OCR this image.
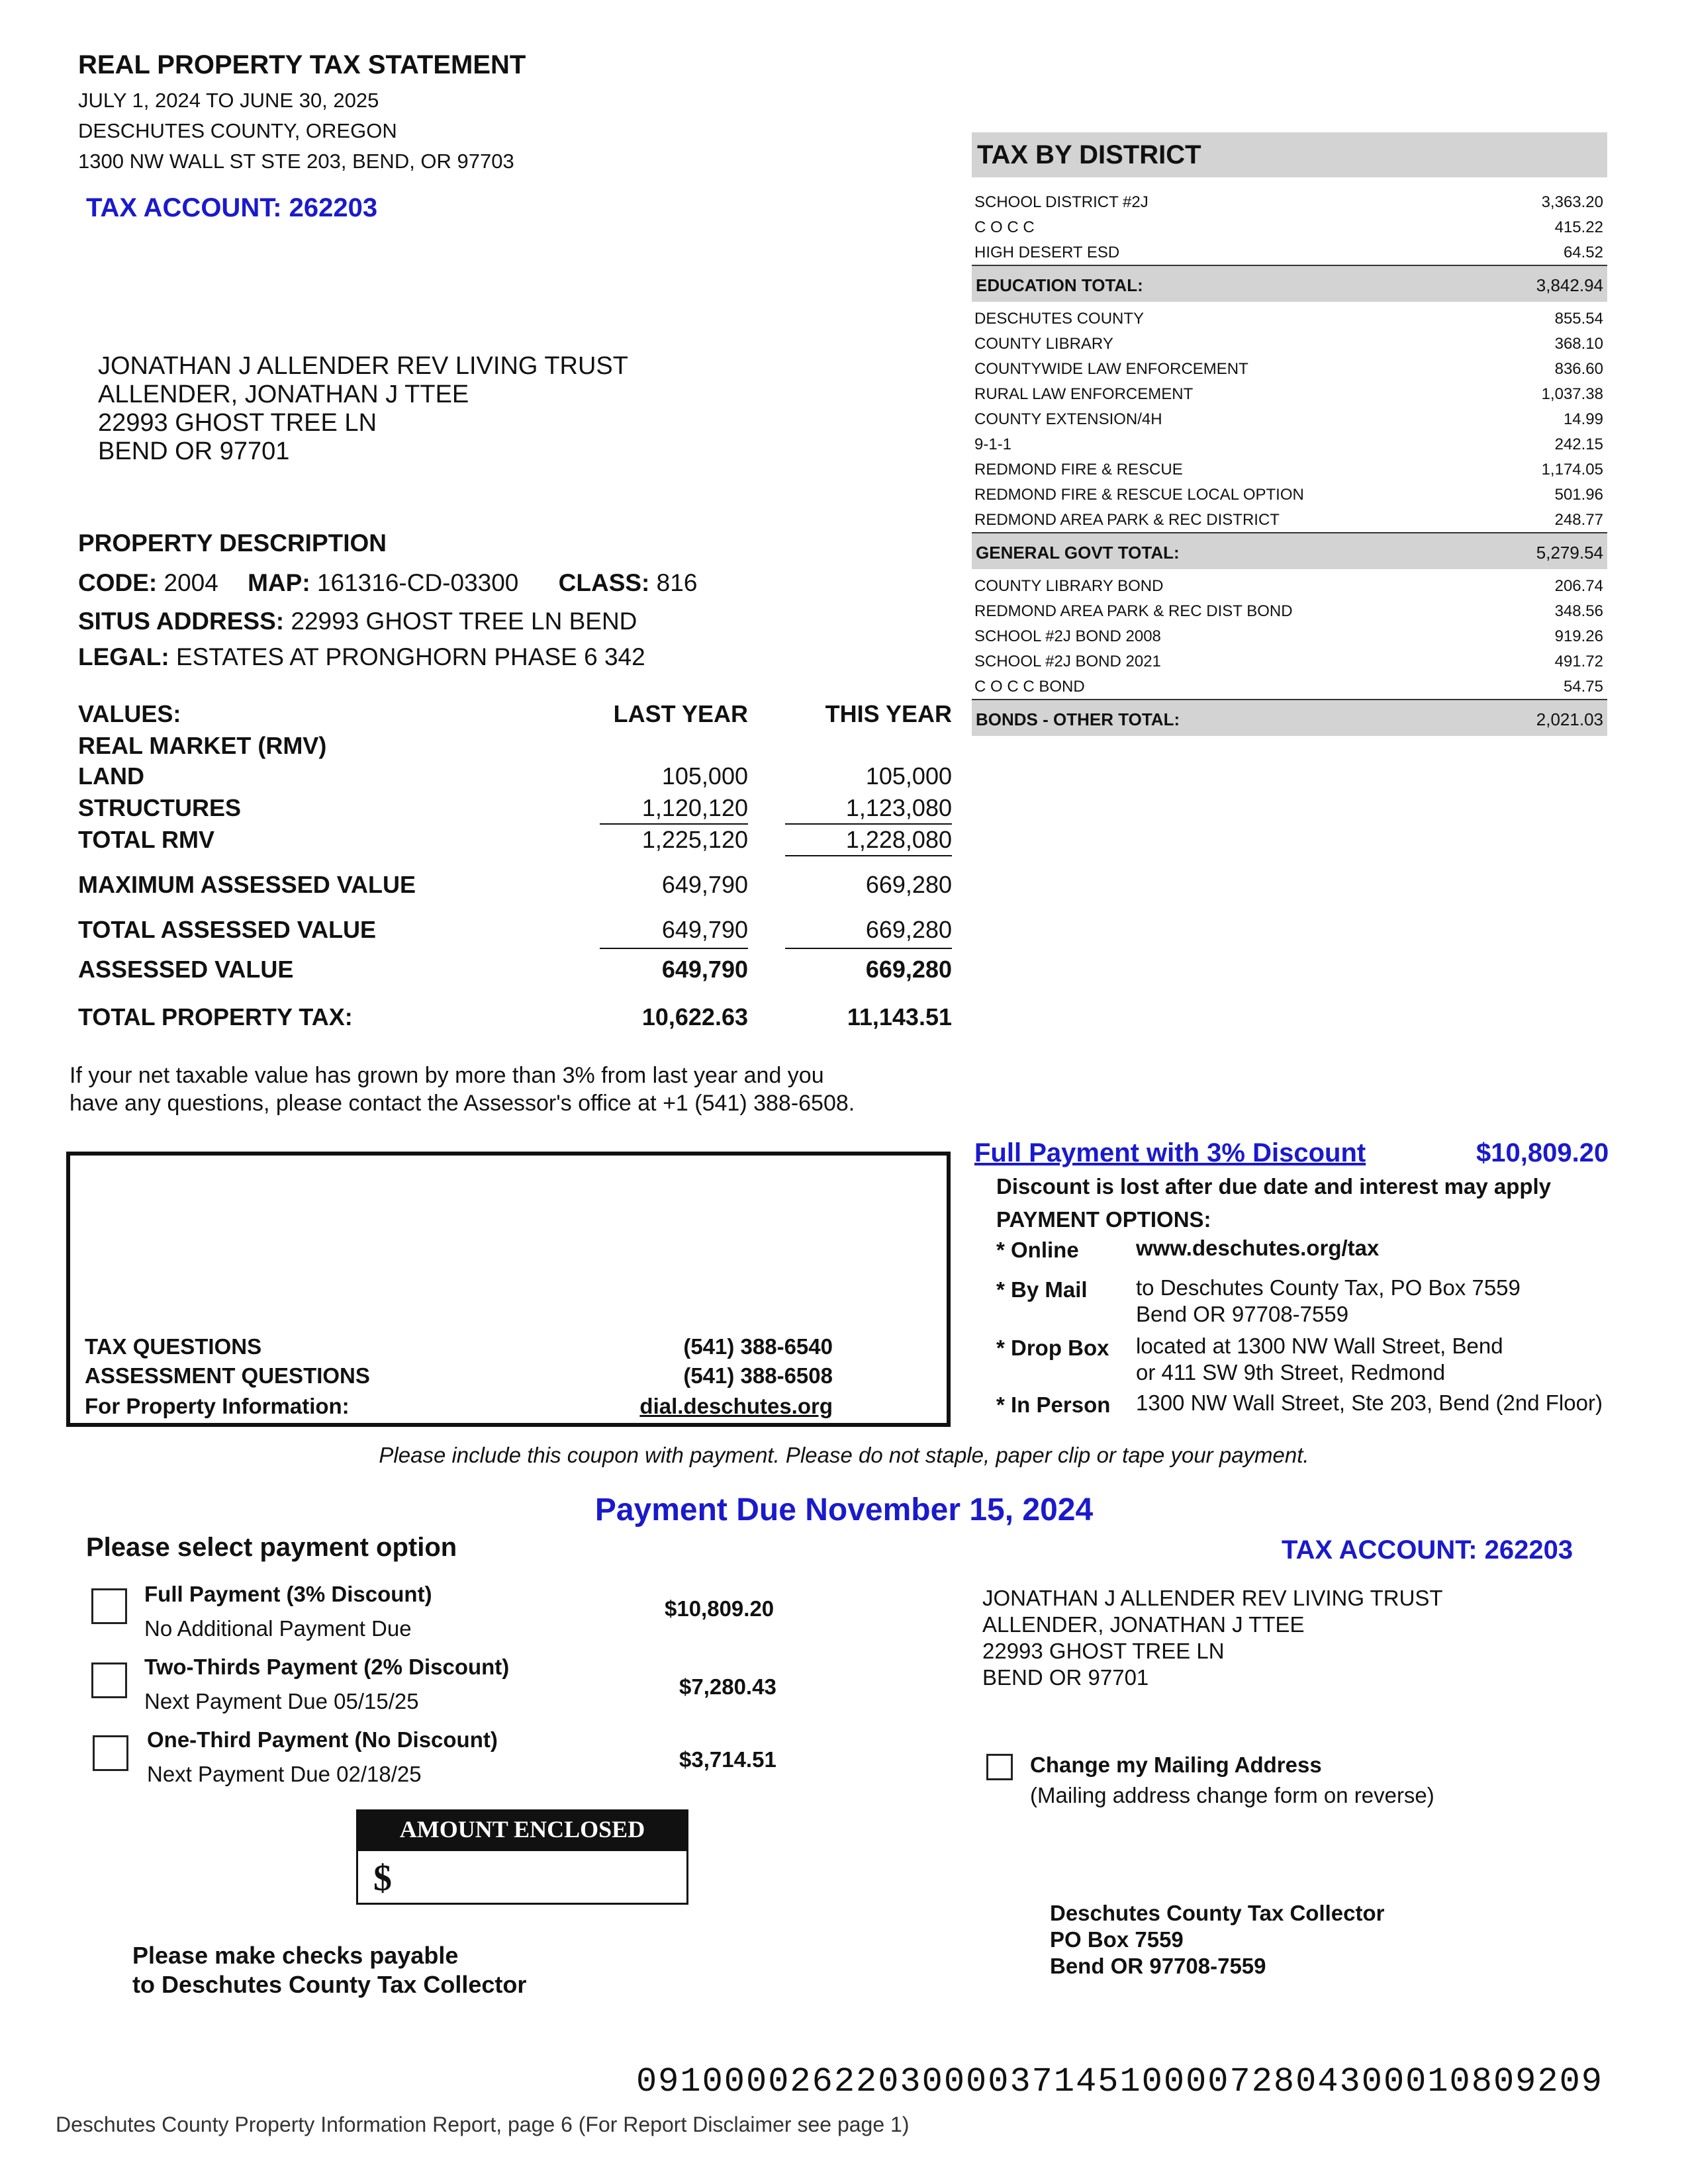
REAL PROPERTY TAX STATEMENT
JULY 1, 2024 TO JUNE 30, 2025
DESCHUTES COUNTY, OREGON
1300 NW WALL ST STE 203, BEND, OR 97703
TAX ACCOUNT: 262203
JONATHAN J ALLENDER REV LIVING TRUST
ALLENDER, JONATHAN J TTEE
22993 GHOST TREE LN
BEND OR 97701
PROPERTY DESCRIPTION
CODE: 2004 MAP: 161316-CD-03300 CLASS: 816
SITUS ADDRESS: 22993 GHOST TREE LN BEND
LEGAL: ESTATES AT PRONGHORN PHASE 6 342
VALUES:	LAST YEAR	THIS YEAR
REAL MARKET (RMV)
LAND	105,000	105,000
STRUCTURES	1,120,120	1,123,080
TOTAL RMV	1,225,120	1,228,080
MAXIMUM ASSESSED VALUE	649,790	669,280
TOTAL ASSESSED VALUE	649,790	669,280
ASSESSED VALUE	649,790	669,280
TOTAL PROPERTY TAX:	10,622.63	11,143.51
If your net taxable value has grown by more than 3% from last year and you
have any questions, please contact the Assessor's office at +1 (541) 388-6508.
TAX BY DISTRICT
SCHOOL DISTRICT #2J	3,363.20
C O C C	415.22
HIGH DESERT ESD	64.52
EDUCATION TOTAL:	3,842.94
DESCHUTES COUNTY	855.54
COUNTY LIBRARY	368.10
COUNTYWIDE LAW ENFORCEMENT	836.60
RURAL LAW ENFORCEMENT	1,037.38
COUNTY EXTENSION/4H	14.99
9-1-1	242.15
REDMOND FIRE & RESCUE	1,174.05
REDMOND FIRE & RESCUE LOCAL OPTION	501.96
REDMOND AREA PARK & REC DISTRICT	248.77
GENERAL GOVT TOTAL:	5,279.54
COUNTY LIBRARY BOND	206.74
REDMOND AREA PARK & REC DIST BOND	348.56
SCHOOL #2J BOND 2008	919.26
SCHOOL #2J BOND 2021	491.72
C O C C BOND	54.75
BONDS - OTHER TOTAL:	2,021.03
TAX QUESTIONS	(541) 388-6540
ASSESSMENT QUESTIONS	(541) 388-6508
For Property Information:	dial.deschutes.org
Full Payment with 3% Discount	$10,809.20
Discount is lost after due date and interest may apply
PAYMENT OPTIONS:
* Online	www.deschutes.org/tax
* By Mail to Deschutes County Tax, PO Box 7559
Bend OR 97708-7559
* Drop Box located at 1300 NW Wall Street, Bend
or 411 SW 9th Street, Redmond
* In Person 1300 NW Wall Street, Ste 203, Bend (2nd Floor)
Please include this coupon with payment. Please do not staple, paper clip or tape your payment.
Payment Due November 15, 2024
Please select payment option	TAX ACCOUNT: 262203
Full Payment (3% Discount)
No Additional Payment Due
$10,809.20
Two-Thirds Payment (2% Discount)
Next Payment Due 05/15/25
$7,280.43
One-Third Payment (No Discount)
Next Payment Due 02/18/25
$3,714.51
JONATHAN J ALLENDER REV LIVING TRUST
ALLENDER, JONATHAN J TTEE
22993 GHOST TREE LN
BEND OR 97701
Change my Mailing Address
(Mailing address change form on reverse)
AMOUNT ENCLOSED
$
Please make checks payable
to Deschutes County Tax Collector
Deschutes County Tax Collector
PO Box 7559
Bend OR 97708-7559
091000026220300003714510000728043000108092​09
Deschutes County Property Information Report, page 6 (For Report Disclaimer see page 1)
